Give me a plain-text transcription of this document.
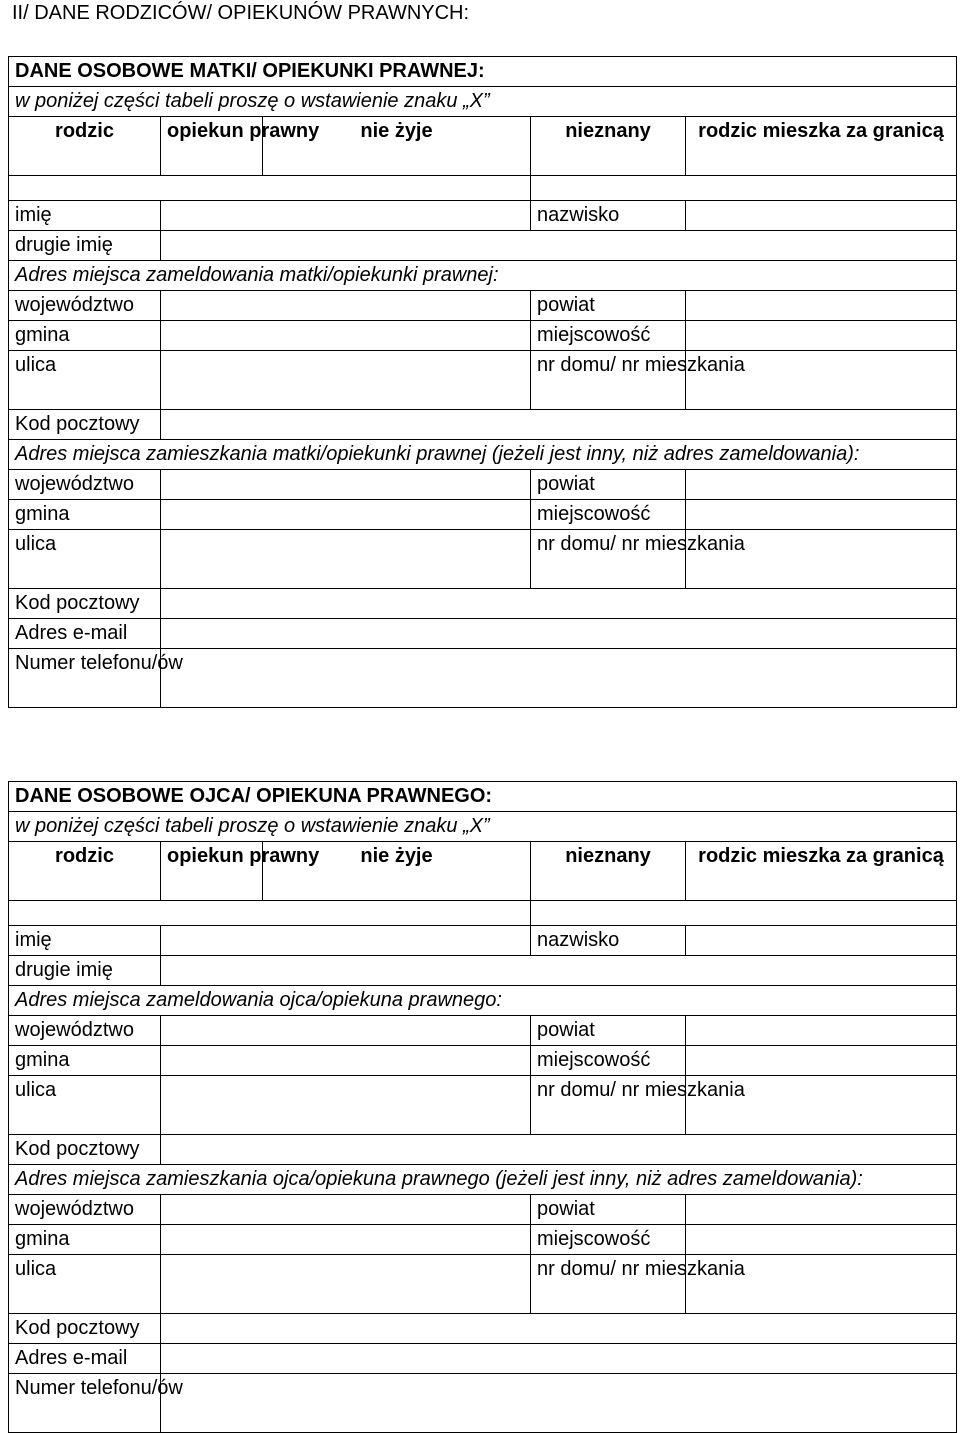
II/ DANE RODZICÓW/ OPIEKUNÓW PRAWNYCH:
DANE OSOBOWE MATKI/ OPIEKUNKI PRAWNEJ:				
w poniżej części tabeli proszę o wstawienie znaku „X”				
rodzic	opiekun prawny	nie żyje	nieznany	rodzic mieszka za granicą

imię			nazwisko	

drugie imię				

Adres miejsca zameldowania matki/opiekunki prawnej:				
województwo			powiat	

gmina			miejscowość	

ulica			nr domu/ nr mieszkania	

Kod pocztowy				

Adres miejsca zamieszkania matki/opiekunki prawnej (jeżeli jest inny, niż adres zameldowania):				
województwo			powiat	

gmina			miejscowość	

ulica			nr domu/ nr mieszkania	

Kod pocztowy				

Adres e-mail				

Numer telefonu/ów				
DANE OSOBOWE OJCA/ OPIEKUNA PRAWNEGO:				
w poniżej części tabeli proszę o wstawienie znaku „X”				
rodzic	opiekun prawny	nie żyje	nieznany	rodzic mieszka za granicą

imię			nazwisko	

drugie imię				

Adres miejsca zameldowania ojca/opiekuna prawnego:				
województwo			powiat	

gmina			miejscowość	

ulica			nr domu/ nr mieszkania	

Kod pocztowy				

Adres miejsca zamieszkania ojca/opiekuna prawnego (jeżeli jest inny, niż adres zameldowania):				
województwo			powiat	

gmina			miejscowość	

ulica			nr domu/ nr mieszkania	

Kod pocztowy				

Adres e-mail				

Numer telefonu/ów				
